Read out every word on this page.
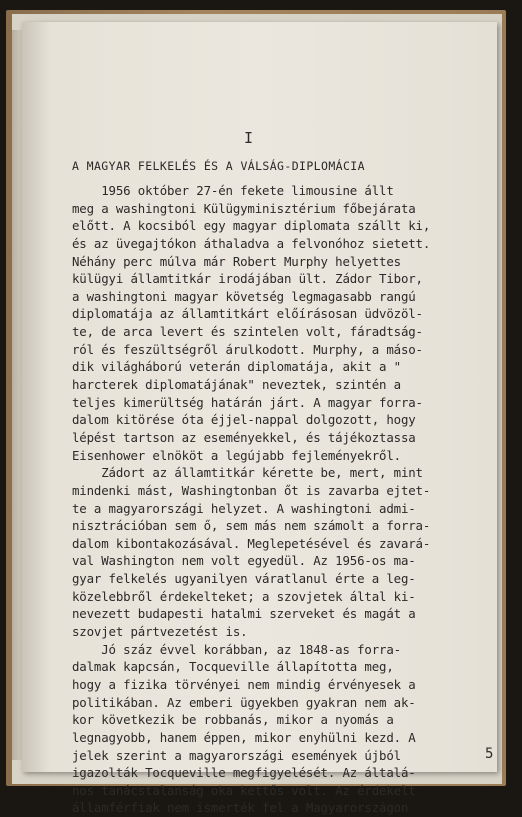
I
A MAGYAR FELKELÉS ÉS A VÁLSÁG-DIPLOMÁCIA
1956 október 27-én fekete limousine állt
meg a washingtoni Külügyminisztérium főbejárata
előtt. A kocsiból egy magyar diplomata szállt ki,
és az üvegajtókon áthaladva a felvonóhoz sietett.
Néhány perc múlva már Robert Murphy helyettes
külügyi államtitkár irodájában ült. Zádor Tibor,
a washingtoni magyar követség legmagasabb rangú
diplomatája az államtitkárt előírásosan üdvözöl-
te, de arca levert és szintelen volt, fáradtság-
ról és feszültségről árulkodott. Murphy, a máso-
dik világháború veterán diplomatája, akit a "
harcterek diplomatájának" neveztek, szintén a
teljes kimerültség határán járt. A magyar forra-
dalom kitörése óta éjjel-nappal dolgozott, hogy
lépést tartson az eseményekkel, és tájékoztassa
Eisenhower elnököt a legújabb fejleményekről.
Zádort az államtitkár kérette be, mert, mint
mindenki mást, Washingtonban őt is zavarba ejtet-
te a magyarországi helyzet. A washingtoni admi-
nisztrációban sem ő, sem más nem számolt a forra-
dalom kibontakozásával. Meglepetésével és zavará-
val Washington nem volt egyedül. Az 1956-os ma-
gyar felkelés ugyanilyen váratlanul érte a leg-
közelebbről érdekelteket; a szovjetek által ki-
nevezett budapesti hatalmi szerveket és magát a
szovjet pártvezetést is.
Jó száz évvel korábban, az 1848-as forra-
dalmak kapcsán, Tocqueville állapította meg,
hogy a fizika törvényei nem mindig érvényesek a
politikában. Az emberi ügyekben gyakran nem ak-
kor következik be robbanás, mikor a nyomás a
legnagyobb, hanem éppen, mikor enyhülni kezd. A
jelek szerint a magyarországi események újból
igazolták Tocqueville megfigyelését. Az általá-
nos tanácstalanság oka kettős volt. Az érdekelt
államférfiak nem ismerték fel a Magyarországon
5
